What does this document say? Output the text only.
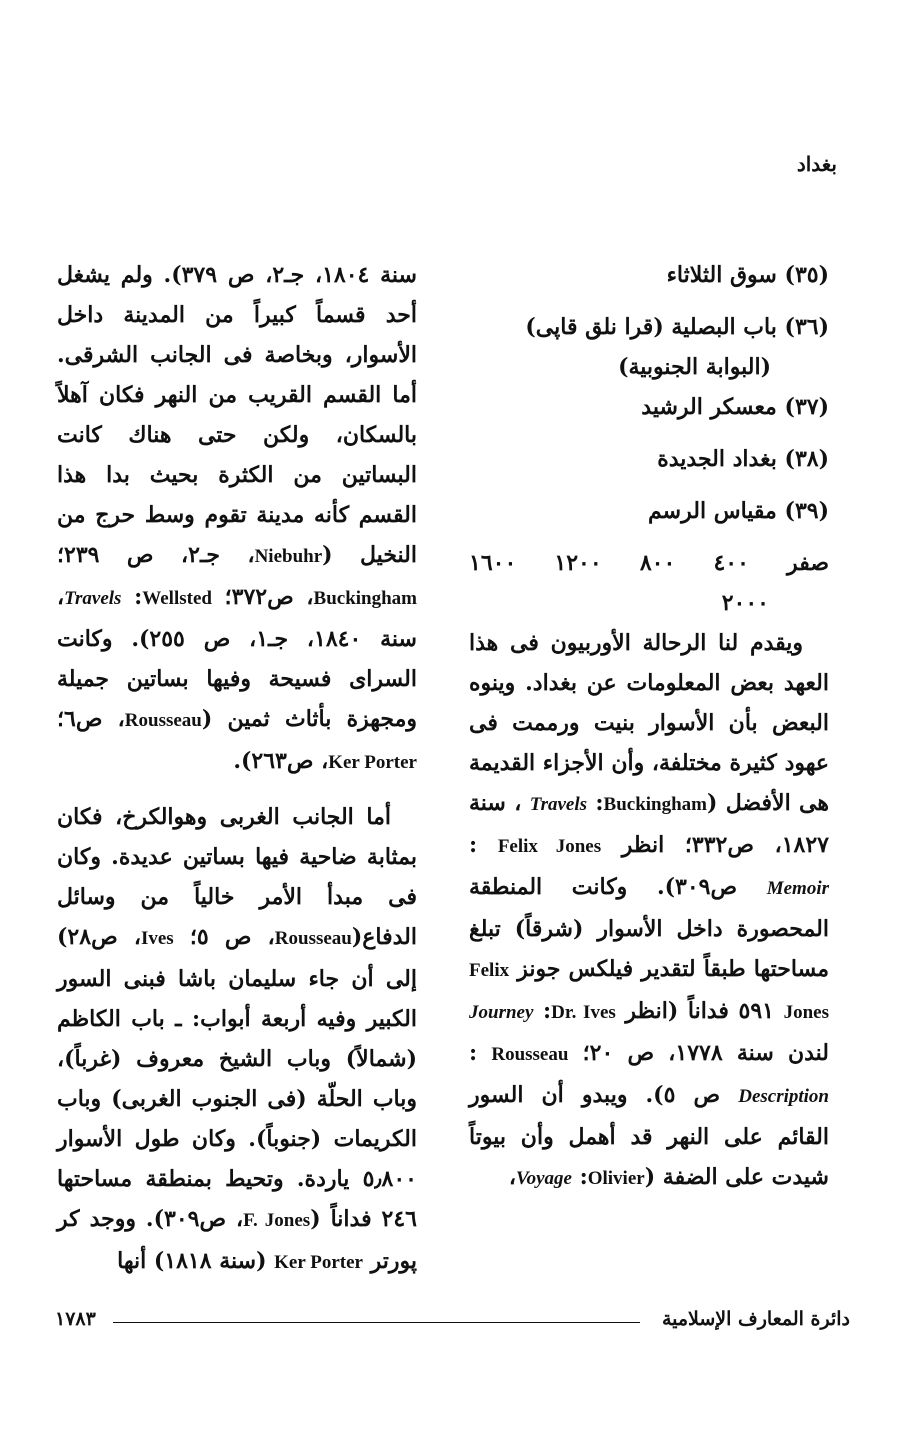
بغداد

(٣٥) سوق الثلاثاء

(٣٦) باب البصلية (قرا نلق قاپى)

(البوابة الجنوبية)

(٣٧) معسكر الرشيد

(٣٨) بغداد الجديدة

(٣٩) مقياس الرسم

صفر ٤٠٠ ٨٠٠ ١٢٠٠ ١٦٠٠

٢٠٠٠

ويقدم لنا الرحالة الأوربيون فى هذا العهد بعض المعلومات عن بغداد. وينوه البعض بأن الأسوار بنيت ورممت فى عهود كثيرة مختلفة، وأن الأجزاء القديمة هى الأفضل (Buckingham: Travels ، سنة ١٨٢٧، ص٣٣٢؛ انظر Felix Jones : Memoir ص٣٠٩). وكانت المنطقة المحصورة داخل الأسوار (شرقاً) تبلغ مساحتها طبقاً لتقدير فيلكس جونز Felix Jones ٥٩١ فداناً (انظر Dr. Ives: Journey لندن سنة ١٧٧٨، ص ٢٠؛ Rousseau : Description ص ٥). ويبدو أن السور القائم على النهر قد أهمل وأن بيوتاً شيدت على الضفة (Olivier: Voyage،

سنة ١٨٠٤، جـ٢، ص ٣٧٩). ولم يشغل أحد قسماً كبيراً من المدينة داخل الأسوار، وبخاصة فى الجانب الشرقى. أما القسم القريب من النهر فكان آهلاً بالسكان، ولكن حتى هناك كانت البساتين من الكثرة بحيث بدا هذا القسم كأنه مدينة تقوم وسط حرج من النخيل (Niebuhr، جـ٢، ص ٢٣٩؛ Buckingham، ص٣٧٢؛ Wellsted: Travels، سنة ١٨٤٠، جـ١، ص ٢٥٥). وكانت السراى فسيحة وفيها بساتين جميلة ومجهزة بأثاث ثمين (Rousseau، ص٦؛ Ker Porter، ص٢٦٣).

أما الجانب الغربى وهوالكرخ، فكان بمثابة ضاحية فيها بساتين عديدة. وكان فى مبدأ الأمر خالياً من وسائل الدفاع(Rousseau، ص ٥؛ Ives، ص٢٨) إلى أن جاء سليمان باشا فبنى السور الكبير وفيه أربعة أبواب: ـ باب الكاظم (شمالاً) وباب الشيخ معروف (غرباً)، وباب الحلّة (فى الجنوب الغربى) وباب الكريمات (جنوباً). وكان طول الأسوار ٥٫٨٠٠ ياردة. وتحيط بمنطقة مساحتها ٢٤٦ فداناً (F. Jones، ص٣٠٩). ووجد كر پورتر Ker Porter (سنة ١٨١٨) أنها

دائرة المعارف الإسلامية
١٧٨٣
